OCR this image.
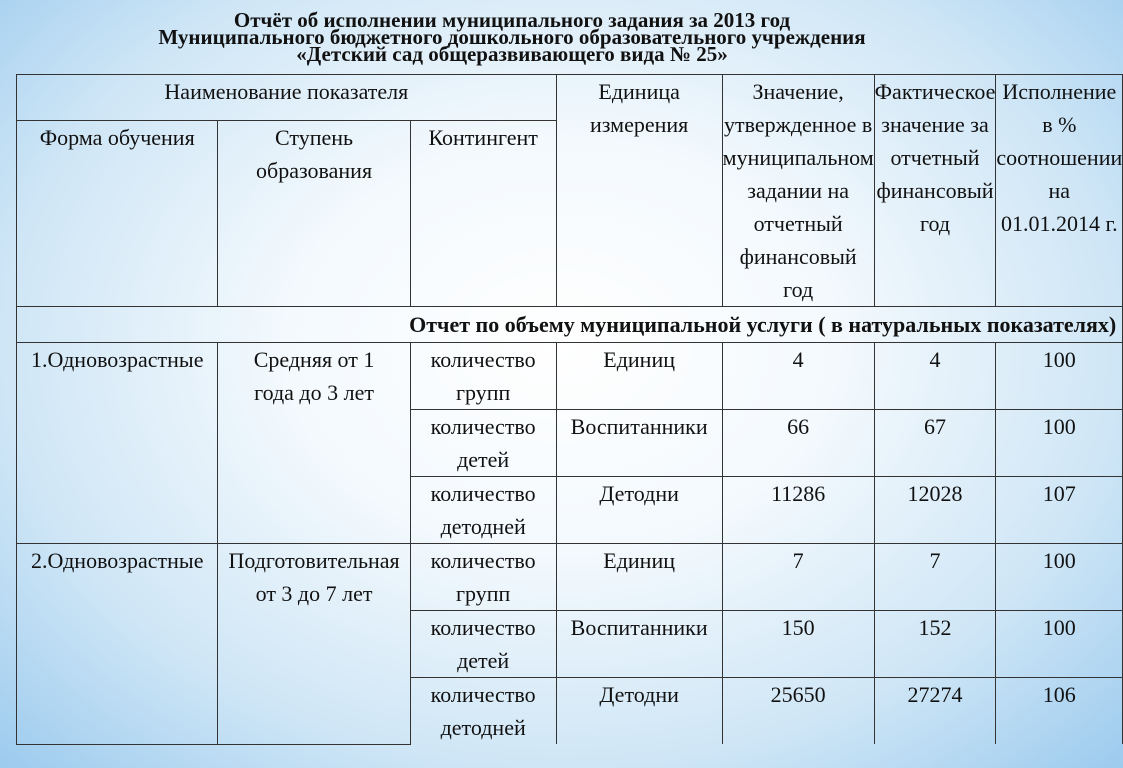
Отчёт об исполнении муниципального задания за 2013 год
Муниципального бюджетного дошкольного образовательного учреждения
«Детский сад общеразвивающего вида № 25»
Наименование показателя			Единица измерения	Значение, утвержденное в муниципальном задании на отчетный финансовый год	Фактическое значение за отчетный финансовый год	Исполнение в % соотношении на 01.01.2014 г.
Форма обучения	Ступень образования	Контингент				
Отчет по объему муниципальной услуги ( в натуральных показателях)						
1.Одновозрастные	Средняя от 1 года до 3 лет	количество групп	Единиц	4	4	100
		количество детей	Воспитанники	66	67	100
		количество детодней	Детодни	11286	12028	107
2.Одновозрастные	Подготовительная от 3 до 7 лет	количество групп	Единиц	7	7	100
		количество детей	Воспитанники	150	152	100
		количество детодней	Детодни	25650	27274	106
